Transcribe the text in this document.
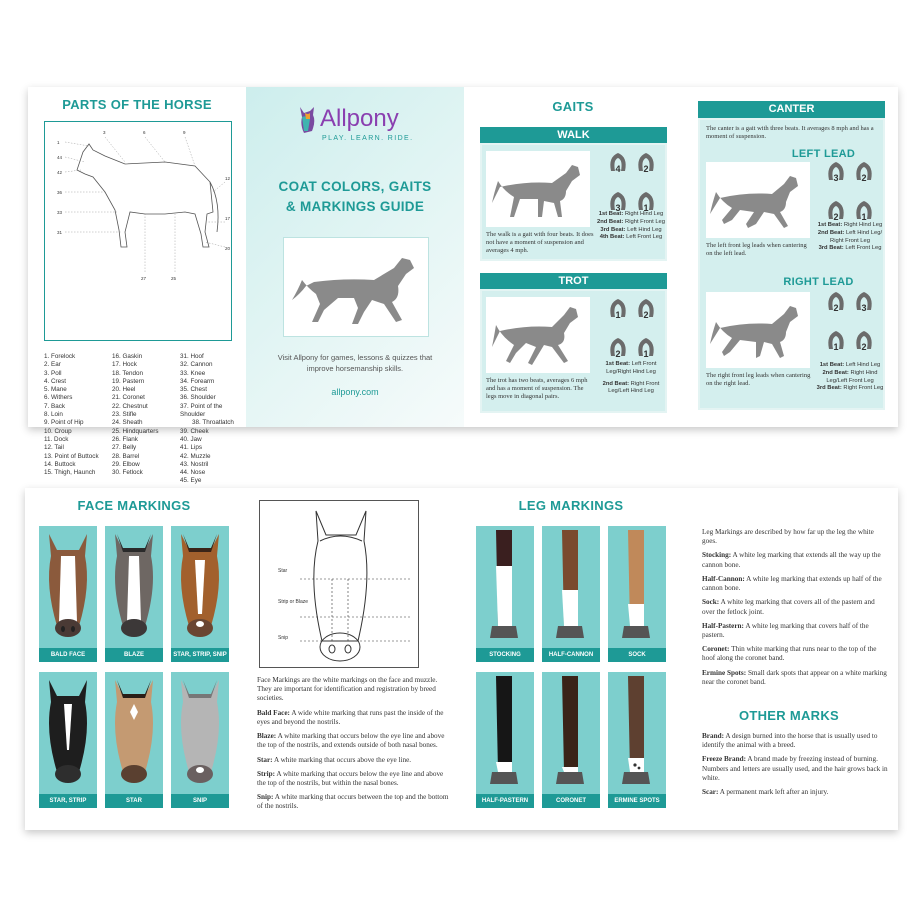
PARTS OF THE HORSE
1
44
42
36
33
31
3	6	9
12
17
20
27	25
1. Forelock
2. Ear
3. Poll
4. Crest
5. Mane
6. Withers
7. Back
8. Loin
9. Point of Hip
10. Croup
11. Dock
12. Tail
13. Point of Buttock
14. Buttock
15. Thigh, Haunch
16. Gaskin
17. Hock
18. Tendon
19. Pastern
20. Heel
21. Coronet
22. Chestnut
23. Stifle
24. Sheath
25. Hindquarters
26. Flank
27. Belly
28. Barrel
29. Elbow
30. Fetlock
31. Hoof
32. Cannon
33. Knee
34. Forearm
35. Chest
36. Shoulder
37. Point of the
Shoulder
38. Throatlatch
39. Cheek
40. Jaw
41. Lips
42. Muzzle
43. Nostril
44. Nose
45. Eye
Allpony
PLAY. LEARN. RIDE.
COAT COLORS, GAITS
& MARKINGS GUIDE
Visit Allpony for games, lessons & quizzes that improve horsemanship skills.
allpony.com
GAITS
WALK
The walk is a gait with four beats. It does not have a moment of suspension and averages 4 mph.
4
	2

3
	1
1st Beat: Right Hind Leg
2nd Beat: Right Front Leg
3rd Beat: Left Hind Leg
4th Beat: Left Front Leg
TROT
The trot has two beats, averages 6 mph and has a moment of suspension. The legs move in diagonal pairs.
1
	2

2
	1
1st Beat: Left Front Leg/Right Hind Leg
2nd Beat: Right Front Leg/Left Hind Leg
CANTER
The canter is a gait with three beats. It averages 8 mph and has a moment of suspension.
LEFT LEAD
The left front leg leads when cantering on the left lead.
3
	2

2
	1
1st Beat: Right Hind Leg
2nd Beat: Left Hind Leg/ Right Front Leg
3rd Beat: Left Front Leg
RIGHT LEAD
The right front leg leads when cantering on the right lead.
2
	3

1
	2
1st Beat: Left Hind Leg
2nd Beat: Right Hind Leg/Left Front Leg
3rd Beat: Right Front Leg
FACE MARKINGS
BALD FACE	BLAZE	STAR, STRIP, SNIP
STAR, STRIP	STAR	SNIP
Star
Strip or Blaze
Snip

Face Markings are the white markings on the face and muzzle. They are important for identification and registration by breed societies.

Bald Face: A wide white marking that runs past the inside of the eyes and beyond the nostrils.

Blaze: A white marking that occurs below the eye line and above the top of the nostrils, and extends outside of both nasal bones.

Star: A white marking that occurs above the eye line.

Strip: A white marking that occurs below the eye line and above the top of the nostrils, but within the nasal bones.

Snip: A white marking that occurs between the top and the bottom of the nostrils.

LEG MARKINGS
STOCKING	HALF-CANNON	SOCK
HALF-PASTERN	CORONET	ERMINE SPOTS

Leg Markings are described by how far up the leg the white goes.

Stocking: A white leg marking that extends all the way up the cannon bone.

Half-Cannon: A white leg marking that extends up half of the cannon bone.

Sock: A white leg marking that covers all of the pastern and over the fetlock joint.

Half-Pastern: A white leg marking that covers half of the pastern.

Coronet: Thin white marking that runs near to the top of the hoof along the coronet band.

Ermine Spots: Small dark spots that appear on a white marking near the coronet band.

OTHER MARKS

Brand: A design burned into the horse that is usually used to identify the animal with a breed.

Freeze Brand: A brand made by freezing instead of burning. Numbers and letters are usually used, and the hair grows back in white.

Scar: A permanent mark left after an injury.
